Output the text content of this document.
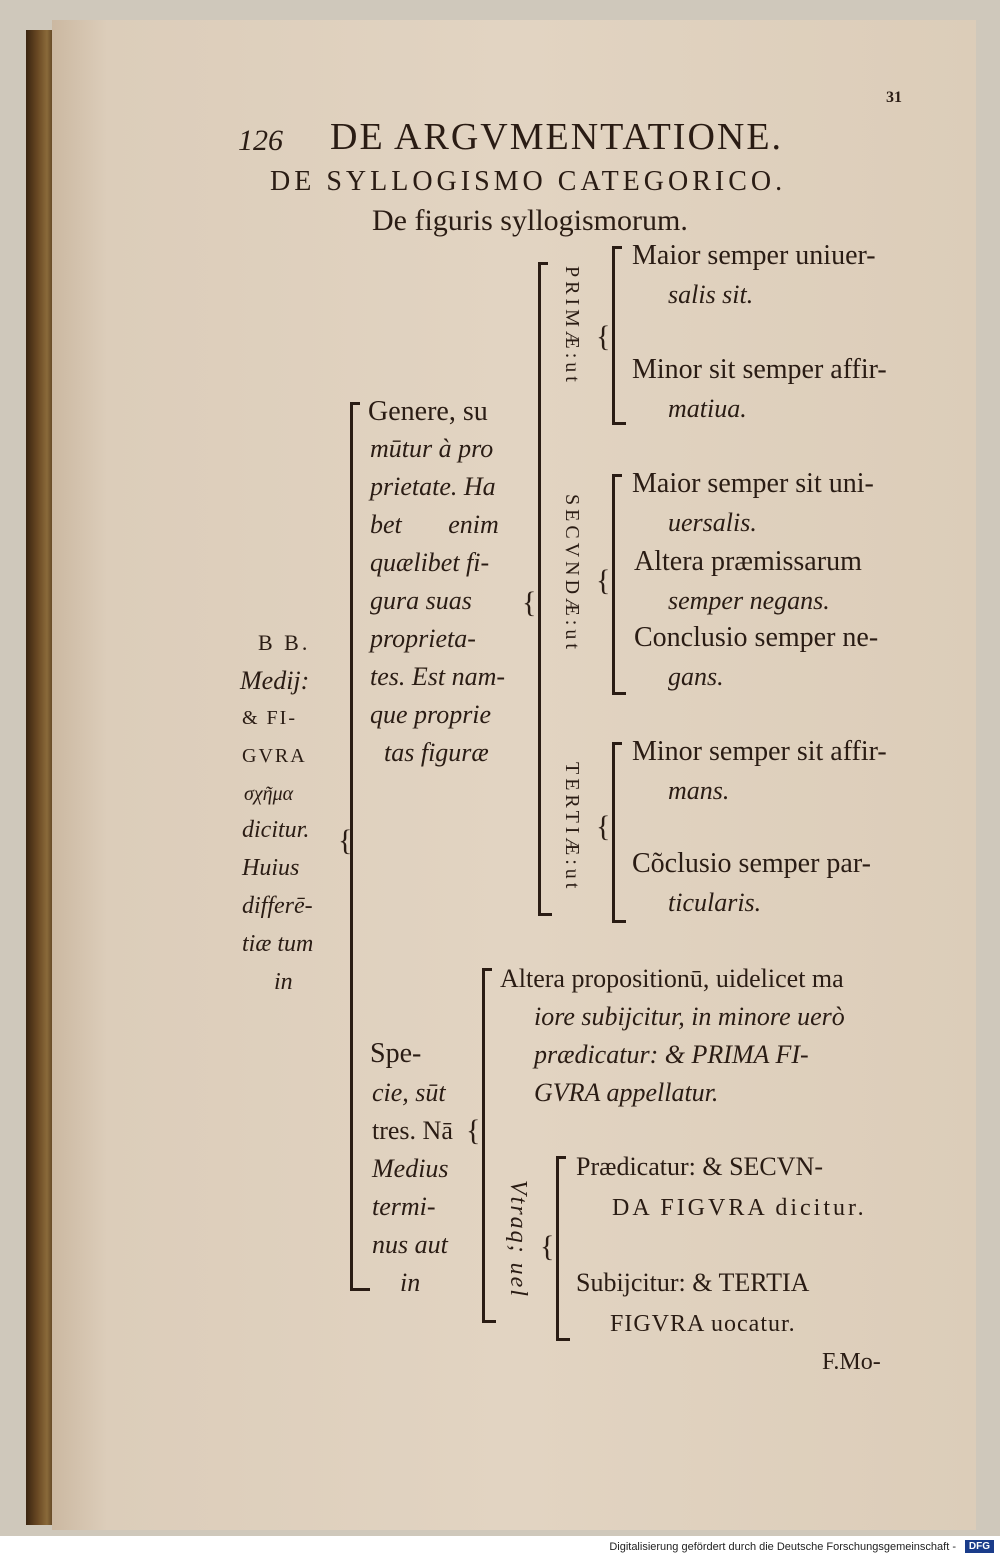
31
126 DE ARGVMENTATIONE.
DE SYLLOGISMO CATEGORICO.
De figuris syllogismorum.
B B.
Medij:
& FI-
GVRA
σχῆμα
dicitur.
Huius
differē-
tiæ tum
in
{
Genere, su
mūtur à pro
prietate. Ha
bet enim
quælibet fi-
gura suas
proprieta-
tes. Est nam-
que proprie
tas figuræ
{
PRIMÆ:ut
SECVNDÆ:ut
TERTIÆ:ut
{
Maior semper uniuer-
salis sit.
Minor sit semper affir-
matiua.
{
Maior semper sit uni-
uersalis.
Altera præmissarum
semper negans.
Conclusio semper ne-
gans.
{
Minor semper sit affir-
mans.
Cõclusio semper par-
ticularis.
Spe-
cie, sūt
tres. Nā
Medius
termi-
nus aut
in
{
Altera propositionū, uidelicet ma
iore subijcitur, in minore uerò
prædicatur: & PRIMA FI-
GVRA appellatur.
Vtraq; uel {
Prædicatur: & SECVN-
DA FIGVRA dicitur.
Subijcitur: & TERTIA
FIGVRA uocatur.
F.Mo-
Digitalisierung gefördert durch die Deutsche Forschungsgemeinschaft -	DFG
